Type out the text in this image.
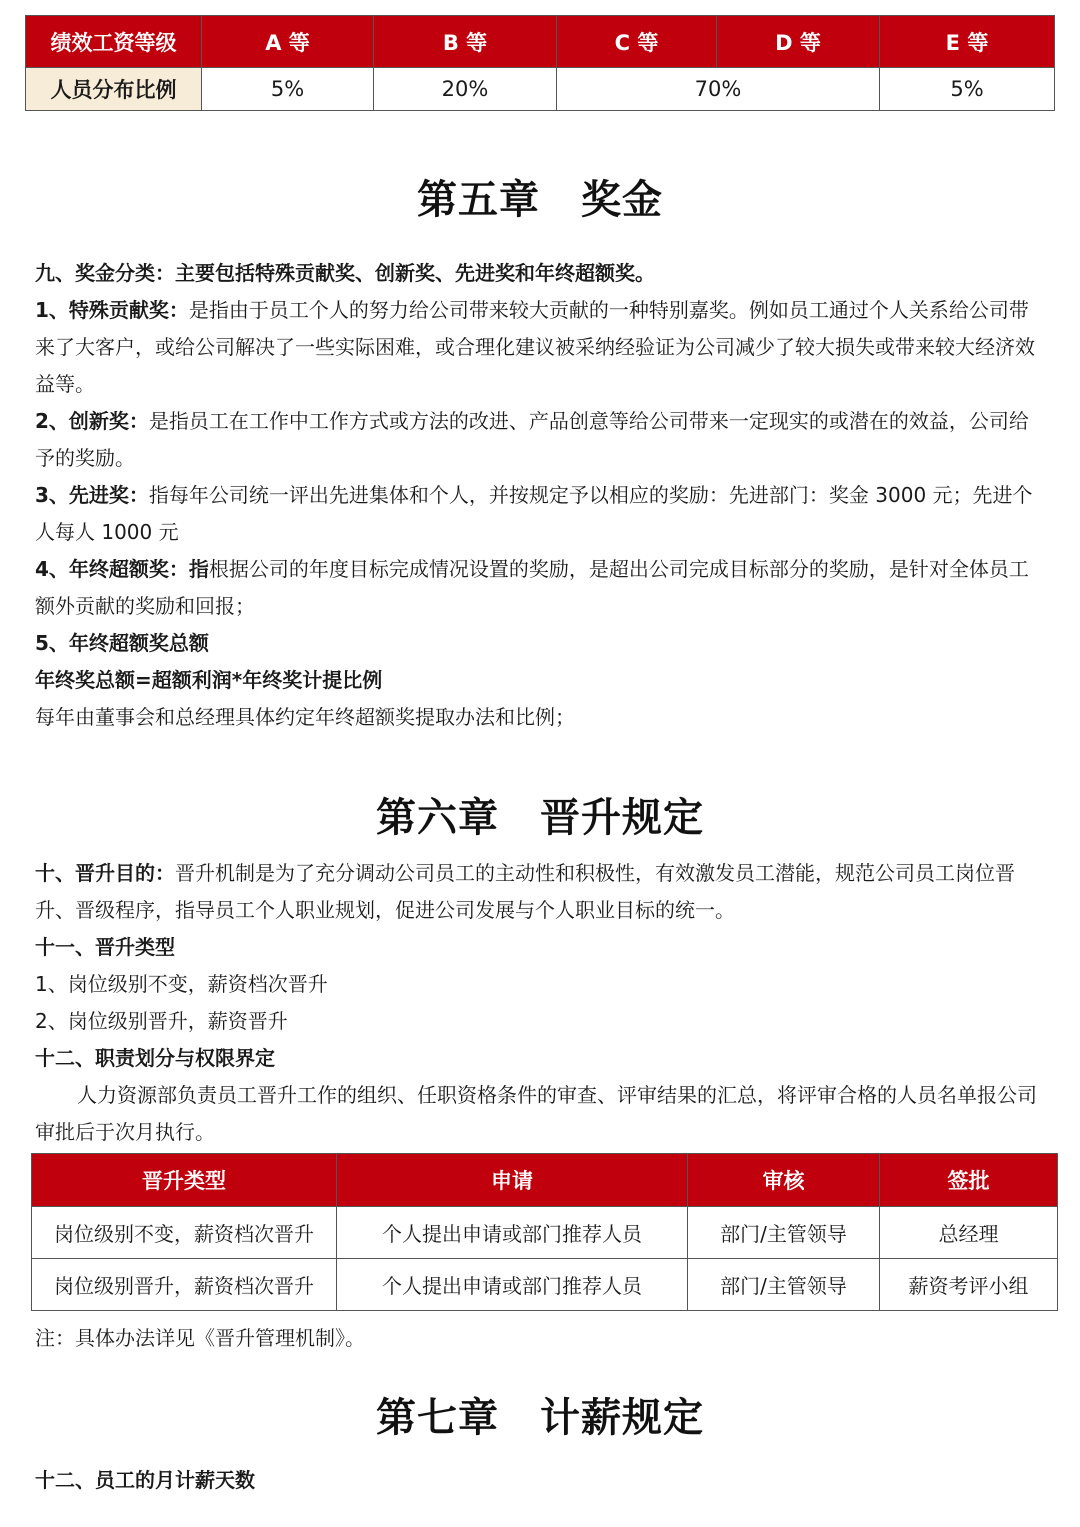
绩效工资等级	A 等	B 等	C 等	D 等	E 等
人员分布比例	5%	20%	70%		5%
第五章　奖金

九、奖金分类：主要包括特殊贡献奖、创新奖、先进奖和年终超额奖。

1、特殊贡献奖：是指由于员工个人的努力给公司带来较大贡献的一种特别嘉奖。例如员工通过个人关系给公司带来了大客户，或给公司解决了一些实际困难，或合理化建议被采纳经验证为公司减少了较大损失或带来较大经济效益等。

2、创新奖：是指员工在工作中工作方式或方法的改进、产品创意等给公司带来一定现实的或潜在的效益，公司给予的奖励。

3、先进奖：指每年公司统一评出先进集体和个人，并按规定予以相应的奖励：先进部门：奖金 3000 元；先进个人每人 1000 元

4、年终超额奖：指根据公司的年度目标完成情况设置的奖励，是超出公司完成目标部分的奖励，是针对全体员工额外贡献的奖励和回报；

5、年终超额奖总额

年终奖总额=超额利润*年终奖计提比例

每年由董事会和总经理具体约定年终超额奖提取办法和比例；

第六章　晋升规定

十、晋升目的：晋升机制是为了充分调动公司员工的主动性和积极性，有效激发员工潜能，规范公司员工岗位晋升、晋级程序，指导员工个人职业规划，促进公司发展与个人职业目标的统一。

十一、晋升类型

1、岗位级别不变，薪资档次晋升

2、岗位级别晋升，薪资晋升

十二、职责划分与权限界定

人力资源部负责员工晋升工作的组织、任职资格条件的审查、评审结果的汇总，将评审合格的人员名单报公司审批后于次月执行。

晋升类型	申请	审核	签批
岗位级别不变，薪资档次晋升	个人提出申请或部门推荐人员	部门/主管领导	总经理
岗位级别晋升，薪资档次晋升	个人提出申请或部门推荐人员	部门/主管领导	薪资考评小组
注：具体办法详见《晋升管理机制》。
第七章　计薪规定

十二、员工的月计薪天数
